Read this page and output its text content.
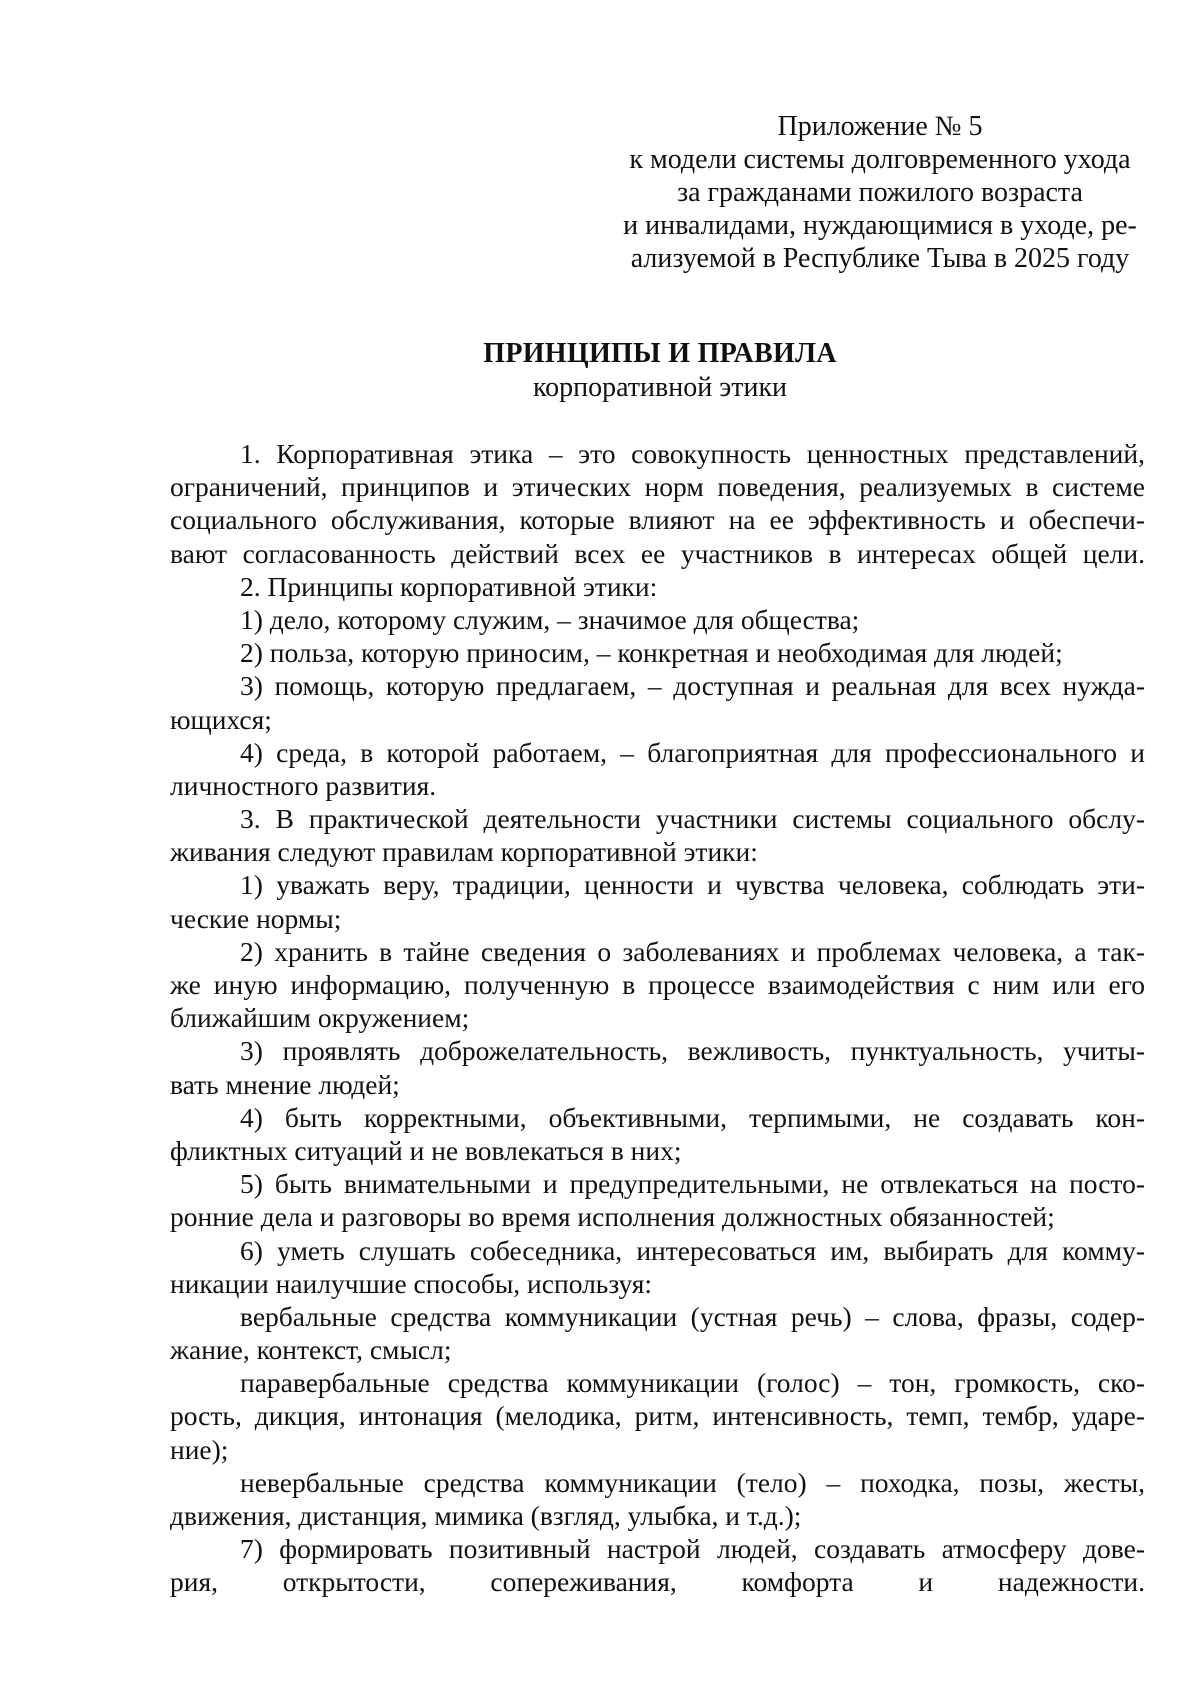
Приложение № 5
к модели системы долговременного ухода
за гражданами пожилого возраста
и инвалидами, нуждающимися в уходе, ре-
ализуемой в Республике Тыва в 2025 году
ПРИНЦИПЫ И ПРАВИЛА
корпоративной этики
1. Корпоративная этика – это совокупность ценностных представлений,
ограничений, принципов и этических норм поведения, реализуемых в системе
социального обслуживания, которые влияют на ее эффективность и обеспечи-
вают согласованность действий всех ее участников в интересах общей цели.
2. Принципы корпоративной этики:
1) дело, которому служим, – значимое для общества;
2) польза, которую приносим, – конкретная и необходимая для людей;
3) помощь, которую предлагаем, – доступная и реальная для всех нужда-
ющихся;
4) среда, в которой работаем, – благоприятная для профессионального и
личностного развития.
3. В практической деятельности участники системы социального обслу-
живания следуют правилам корпоративной этики:
1) уважать веру, традиции, ценности и чувства человека, соблюдать эти-
ческие нормы;
2) хранить в тайне сведения о заболеваниях и проблемах человека, а так-
же иную информацию, полученную в процессе взаимодействия с ним или его
ближайшим окружением;
3) проявлять доброжелательность, вежливость, пунктуальность, учиты-
вать мнение людей;
4) быть корректными, объективными, терпимыми, не создавать кон-
фликтных ситуаций и не вовлекаться в них;
5) быть внимательными и предупредительными, не отвлекаться на посто-
ронние дела и разговоры во время исполнения должностных обязанностей;
6) уметь слушать собеседника, интересоваться им, выбирать для комму-
никации наилучшие способы, используя:
вербальные средства коммуникации (устная речь) – слова, фразы, содер-
жание, контекст, смысл;
паравербальные средства коммуникации (голос) – тон, громкость, ско-
рость, дикция, интонация (мелодика, ритм, интенсивность, темп, тембр, ударе-
ние);
невербальные средства коммуникации (тело) – походка, позы, жесты,
движения, дистанция, мимика (взгляд, улыбка, и т.д.);
7) формировать позитивный настрой людей, создавать атмосферу дове-
рия, открытости, сопереживания, комфорта и надежности.
